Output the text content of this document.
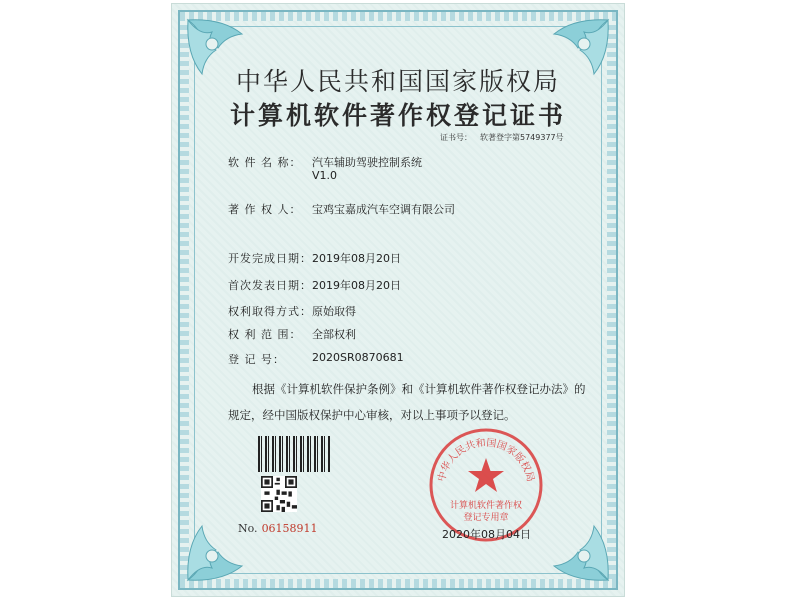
中华人民共和国国家版权局
计算机软件著作权登记证书
证书号： 软著登字第5749377号
软 件 名 称： 汽车辅助驾驶控制系统
V1.0
著 作 权 人： 宝鸡宝嘉成汽车空调有限公司
开发完成日期： 2019年08月20日
首次发表日期： 2019年08月20日
权利取得方式： 原始取得
权 利 范 围： 全部权利
登 记 号： 2020SR0870681
根据《计算机软件保护条例》和《计算机软件著作权登记办法》的
规定，经中国版权保护中心审核，对以上事项予以登记。
No. 06158911
中华人民共和国国家版权局
计算机软件著作权
登记专用章
2020年08月04日
